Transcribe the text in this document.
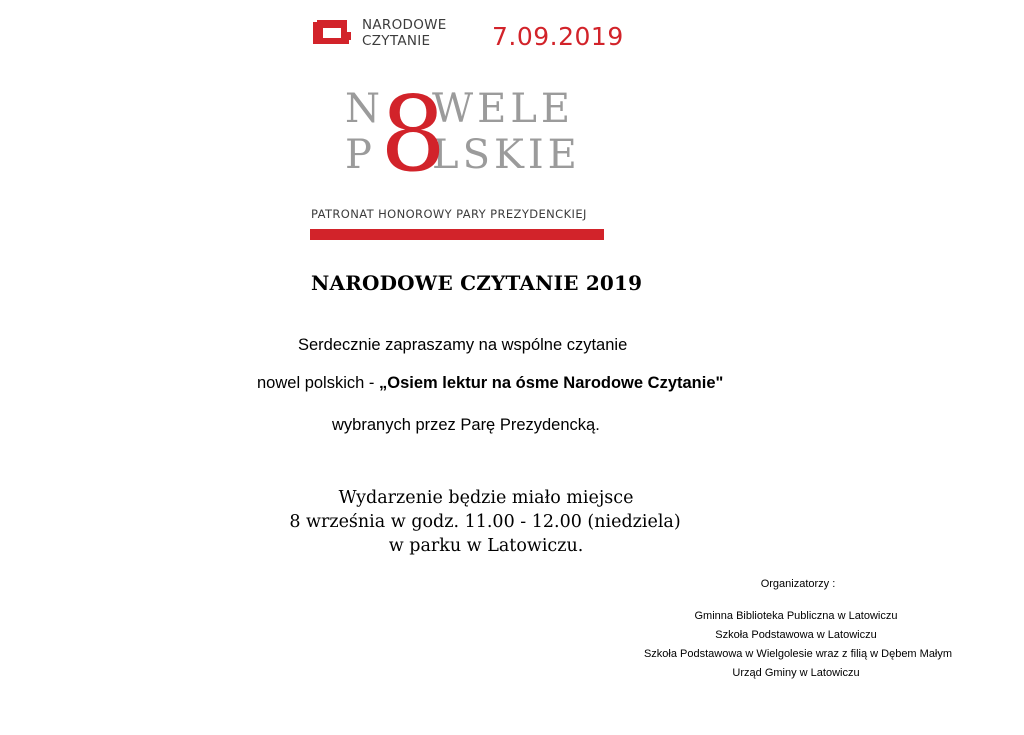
NARODOWE
CZYTANIE	7.09.2019
N WELE
P LSKIE
8
PATRONAT HONOROWY PARY PREZYDENCKIEJ
NARODOWE CZYTANIE 2019
Serdecznie zapraszamy na wspólne czytanie
nowel polskich - „Osiem lektur na ósme Narodowe Czytanie"
wybranych przez Parę Prezydencką.
Wydarzenie będzie miało miejsce
8 września w godz. 11.00 - 12.00 (niedziela)
w parku w Latowiczu.
Organizatorzy :
Gminna Biblioteka Publiczna w Latowiczu
Szkoła Podstawowa w Latowiczu
Szkoła Podstawowa w Wielgolesie wraz z filią w Dębem Małym
Urząd Gminy w Latowiczu
